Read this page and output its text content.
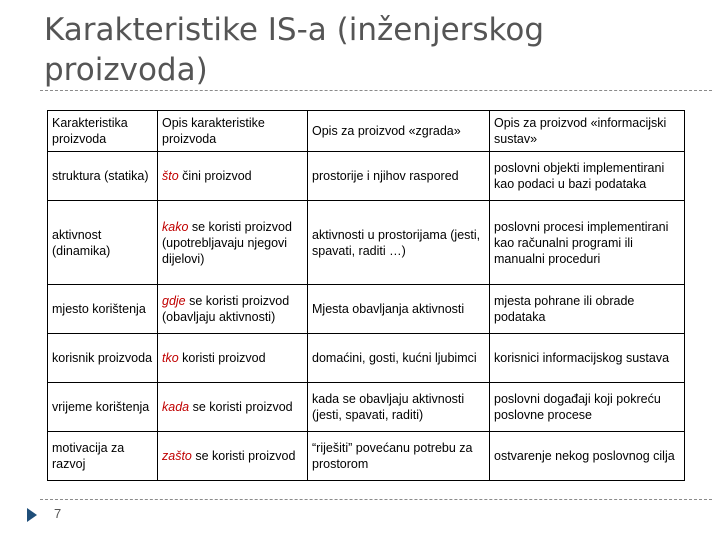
Karakteristike IS-a (inženjerskog proizvoda)
Karakteristika proizvoda	Opis karakteristike proizvoda	Opis za proizvod «zgrada»	Opis za proizvod «informacijski sustav»
struktura (statika)	što čini proizvod	prostorije i njihov raspored	poslovni objekti implementirani kao podaci u bazi podataka
aktivnost (dinamika)	kako se koristi proizvod (upotrebljavaju njegovi dijelovi)	aktivnosti u prostorijama (jesti, spavati, raditi …)	poslovni procesi implementirani kao računalni programi ili manualni proceduri
mjesto korištenja	gdje se koristi proizvod (obavljaju aktivnosti)	Mjesta obavljanja aktivnosti	mjesta pohrane ili obrade podataka
korisnik proizvoda	tko koristi proizvod	domaćini, gosti, kućni ljubimci	korisnici informacijskog sustava
vrijeme korištenja	kada se koristi proizvod	kada se obavljaju aktivnosti (jesti, spavati, raditi)	poslovni događaji koji pokreću poslovne procese
motivacija za razvoj	zašto se koristi proizvod	“riješiti” povećanu potrebu za prostorom	ostvarenje nekog poslovnog cilja
7
